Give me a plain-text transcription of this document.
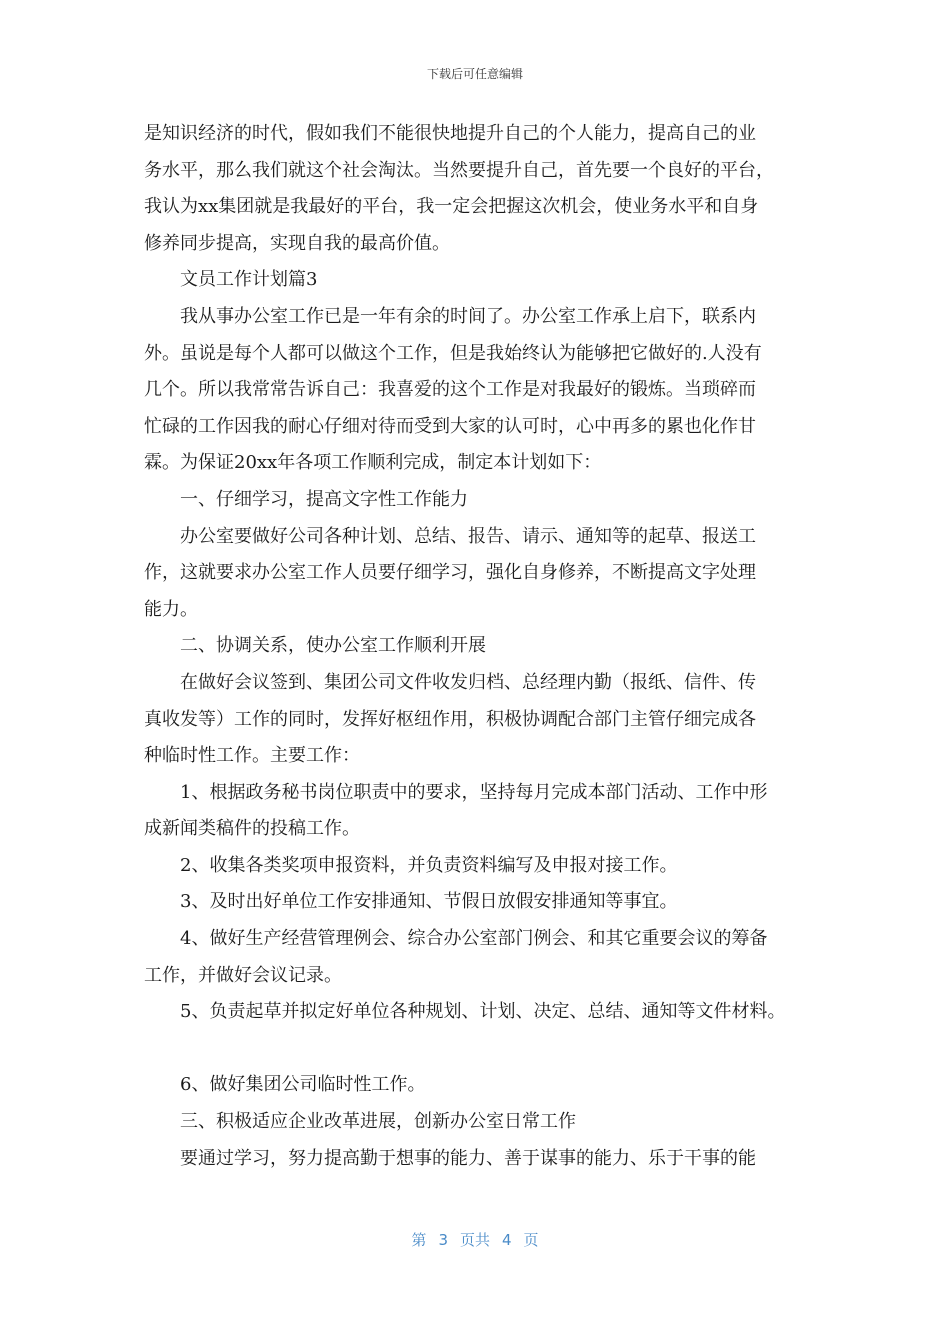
下载后可任意编辑

是知识经济的时代，假如我们不能很快地提升自己的个人能力，提高自己的业

务水平，那么我们就这个社会淘汰。当然要提升自己，首先要一个良好的平台，

我认为xx集团就是我最好的平台，我一定会把握这次机会，使业务水平和自身

修养同步提高，实现自我的最高价值。

文员工作计划篇3

我从事办公室工作已是一年有余的时间了。办公室工作承上启下，联系内

外。虽说是每个人都可以做这个工作，但是我始终认为能够把它做好的.人没有

几个。所以我常常告诉自己：我喜爱的这个工作是对我最好的锻炼。当琐碎而

忙碌的工作因我的耐心仔细对待而受到大家的认可时，心中再多的累也化作甘

霖。为保证20xx年各项工作顺利完成，制定本计划如下：

一、仔细学习，提高文字性工作能力

办公室要做好公司各种计划、总结、报告、请示、通知等的起草、报送工

作，这就要求办公室工作人员要仔细学习，强化自身修养，不断提高文字处理

能力。

二、协调关系，使办公室工作顺利开展

在做好会议签到、集团公司文件收发归档、总经理内勤（报纸、信件、传

真收发等）工作的同时，发挥好枢纽作用，积极协调配合部门主管仔细完成各

种临时性工作。主要工作：

1、根据政务秘书岗位职责中的要求，坚持每月完成本部门活动、工作中形

成新闻类稿件的投稿工作。

2、收集各类奖项申报资料，并负责资料编写及申报对接工作。

3、及时出好单位工作安排通知、节假日放假安排通知等事宜。

4、做好生产经营管理例会、综合办公室部门例会、和其它重要会议的筹备

工作，并做好会议记录。

5、负责起草并拟定好单位各种规划、计划、决定、总结、通知等文件材料。

6、做好集团公司临时性工作。

三、积极适应企业改革进展，创新办公室日常工作

要通过学习，努力提高勤于想事的能力、善于谋事的能力、乐于干事的能

第 3 页共 4 页
